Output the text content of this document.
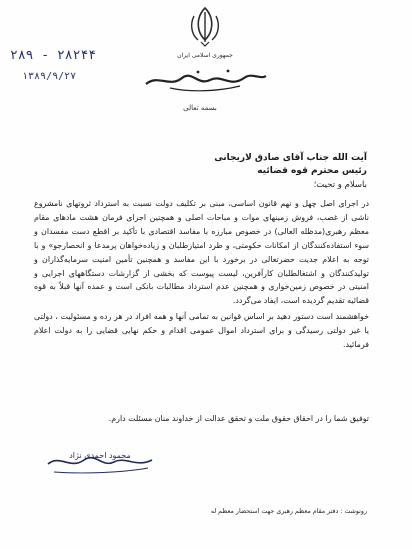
۲۸۹ - ۲۸۲۴۴
۱۳۸۹/۹/۲۷
جمهوری اسلامی ایران
بسمه تعالی
آیت الله جناب آقای صادق لاریجانی
رئیس محترم قوه قضائیه
باسلام و تحیت؛

در اجرای اصل چهل و نهم قانون اساسی، مبنی بر تکلیف دولت نسبت به استرداد ثروتهای نامشروع ناشی از غصب، فروش زمینهای موات و مباحات اصلی و همچنین اجرای فرمان هشت مادهای مقام معظم رهبری(مدظله العالی) در خصوص مبارزه با مفاسد اقتصادی با تأکید بر اقطع دست مفسدان و سوء استفاده‌کنندگان از امکانات حکومتی، و طرد امتیازطلبان و زیاده‌خواهان پرمدعا و انحصارجو» و با توجه به اعلام جدیت حضرتعالی در برخورد با این مفاسد و همچنین تأمین امنیت سرمایه‌گذاران و تولیدکنندگان و اشتغالطلبان کارآفرین، لیست پیوست که بخشی از گزارشات دستگاههای اجرایی و امنیتی در خصوص زمین‌خواری و همچنین عدم استرداد مطالبات بانکی است و عمده آنها قبلاً به قوه قضائیه تقدیم گردیده است، ایفاد می‌گردد.

خواهشمند است دستور دهید بر اساس قوانین به تمامی آنها و همه افراد در هر رده و مسئولیت ، دولتی یا غیر دولتی رسیدگی و برای استرداد اموال عمومی اقدام و حکم نهایی قضایی را به دولت اعلام فرمائید.

توفیق شما را در احقاق حقوق ملت و تحقق عدالت از خداوند منان مسئلت دارم.
محمود احمدی نژاد
رونوشت : دفتر مقام معظم رهبری جهت استحضار معظم له
